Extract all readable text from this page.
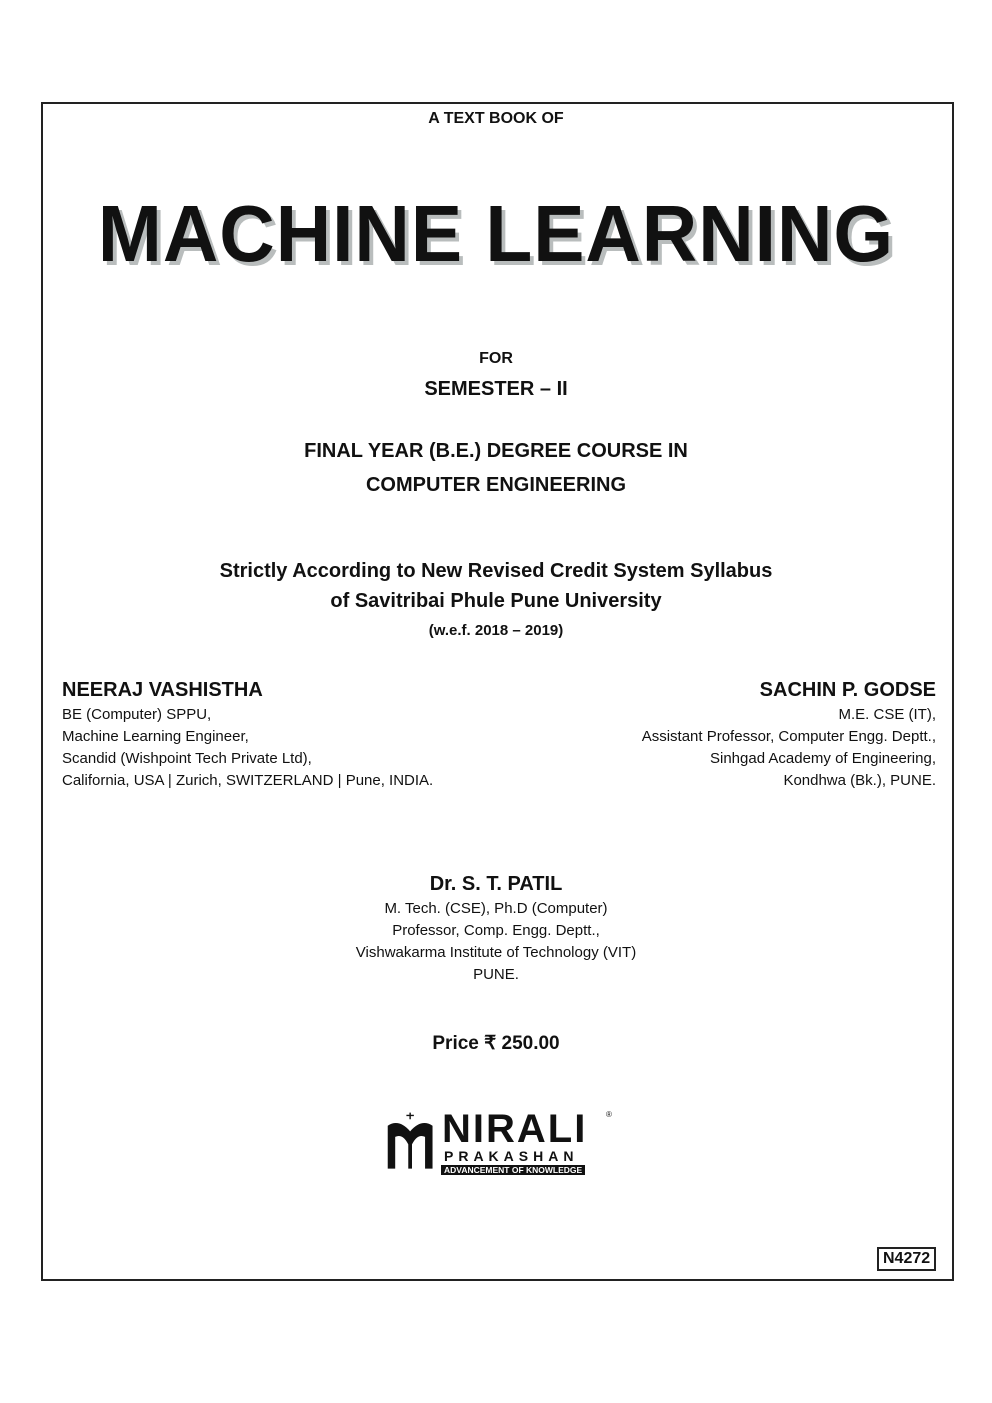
A TEXT BOOK OF
MACHINE LEARNING
FOR
SEMESTER – II
FINAL YEAR (B.E.) DEGREE COURSE IN
COMPUTER ENGINEERING
Strictly According to New Revised Credit System Syllabus
of Savitribai Phule Pune University
(w.e.f. 2018 – 2019)
NEERAJ VASHISTHA
BE (Computer) SPPU,
Machine Learning Engineer,
Scandid (Wishpoint Tech Private Ltd),
California, USA | Zurich, SWITZERLAND | Pune, INDIA.
SACHIN P. GODSE
M.E. CSE (IT),
Assistant Professor, Computer Engg. Deptt.,
Sinhgad Academy of Engineering,
Kondhwa (Bk.), PUNE.
Dr. S. T. PATIL
M. Tech. (CSE), Ph.D (Computer)
Professor, Comp. Engg. Deptt.,
Vishwakarma Institute of Technology (VIT)
PUNE.
Price ₹ 250.00
NIRALI ®
PRAKASHAN
ADVANCEMENT OF KNOWLEDGE
N4272
